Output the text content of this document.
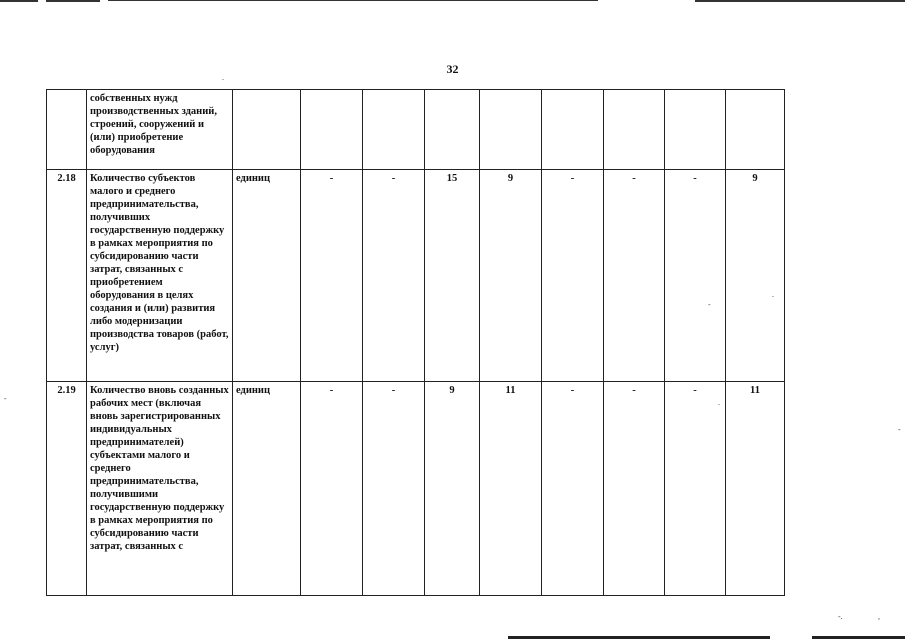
32
	собственных нужд производственных зданий, строений, сооружений и (или) приобретение оборудования									
2.18	Количество субъектов малого и среднего предпринимательства, получивших государственную поддержку в рамках мероприятия по субсидированию части затрат, связанных с приобретением оборудования в целях создания и (или) развития либо модернизации производства товаров (работ, услуг)	единиц	-	-	15	9	-	-	-	9
2.19	Количество вновь созданных рабочих мест (включая вновь зарегистрированных индивидуальных предпринимателей) субъектами малого и среднего предпринимательства, получившими государственную поддержку в рамках мероприятия по субсидированию части затрат, связанных с	единиц	-	-	9	11	-	-	-	11
.
-
-
.
.
-
-.	,
